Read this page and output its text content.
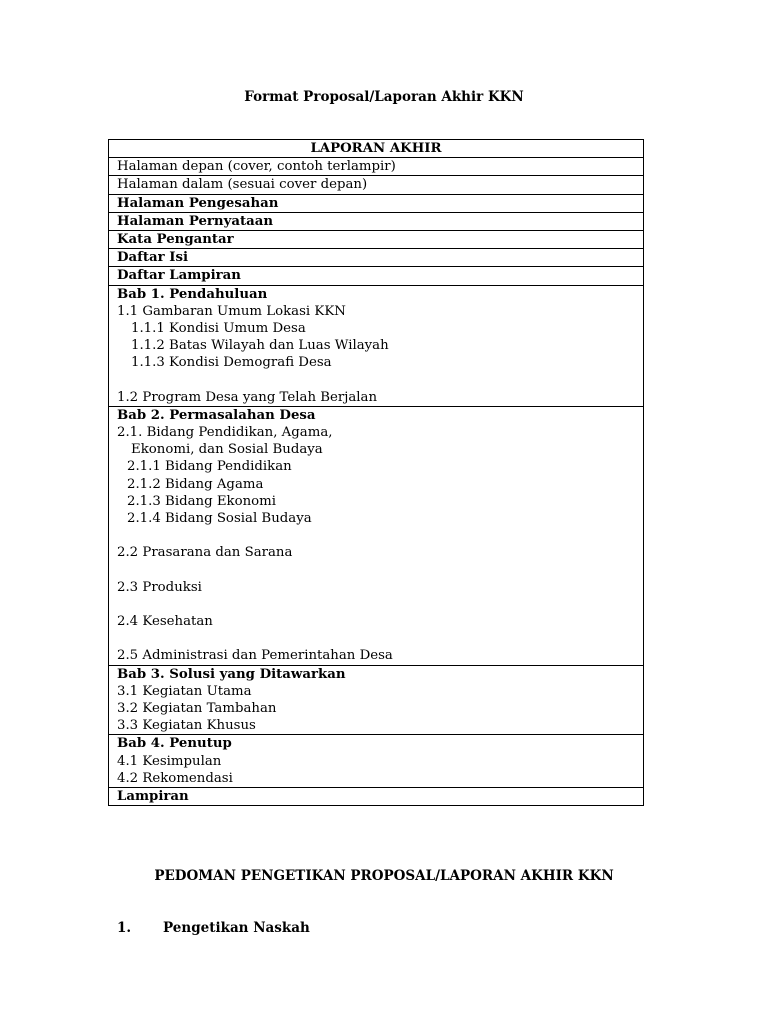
Format Proposal/Laporan Akhir KKN
LAPORAN AKHIR

Halaman depan (cover, contoh terlampir)

Halaman dalam (sesuai cover depan)

Halaman Pengesahan

Halaman Pernyataan

Kata Pengantar

Daftar Isi

Daftar Lampiran

Bab 1. Pendahuluan
1.1 Gambaran Umum Lokasi KKN
1.1.1 Kondisi Umum Desa
1.1.2 Batas Wilayah dan Luas Wilayah
1.1.3 Kondisi Demografi Desa
1.2 Program Desa yang Telah Berjalan

Bab 2. Permasalahan Desa
2.1. Bidang Pendidikan, Agama,
Ekonomi, dan Sosial Budaya
2.1.1 Bidang Pendidikan
2.1.2 Bidang Agama
2.1.3 Bidang Ekonomi
2.1.4 Bidang Sosial Budaya
2.2 Prasarana dan Sarana
2.3 Produksi
2.4 Kesehatan
2.5 Administrasi dan Pemerintahan Desa

Bab 3. Solusi yang Ditawarkan
3.1 Kegiatan Utama
3.2 Kegiatan Tambahan
3.3 Kegiatan Khusus

Bab 4. Penutup
4.1 Kesimpulan
4.2 Rekomendasi

Lampiran
PEDOMAN PENGETIKAN PROPOSAL/LAPORAN AKHIR KKN
1. Pengetikan Naskah
